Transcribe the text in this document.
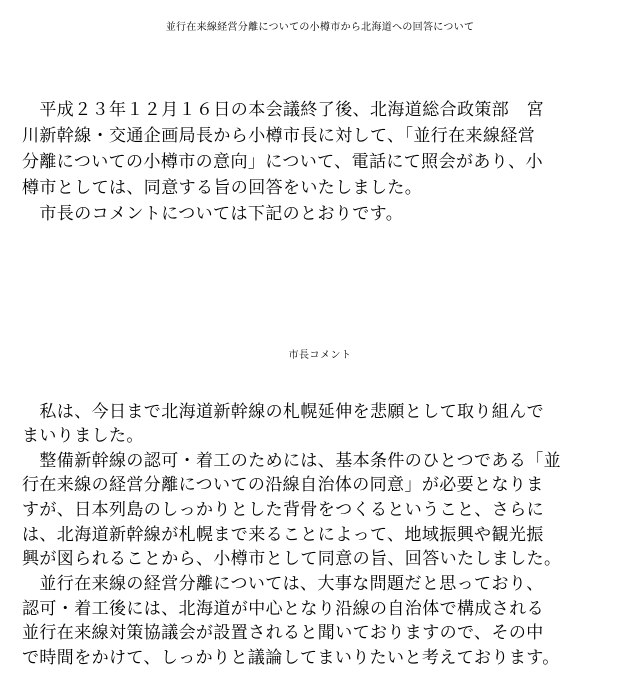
並行在来線経営分離についての小樽市から北海道への回答について
　平成２３年１２月１６日の本会議終了後、北海道総合政策部　宮
川新幹線・交通企画局長から小樽市長に対して、「並行在来線経営
分離についての小樽市の意向」について、電話にて照会があり、小
樽市としては、同意する旨の回答をいたしました。
　市長のコメントについては下記のとおりです。
市長コメント
　私は、今日まで北海道新幹線の札幌延伸を悲願として取り組んで
まいりました。
　整備新幹線の認可・着工のためには、基本条件のひとつである「並
行在来線の経営分離についての沿線自治体の同意」が必要となりま
すが、日本列島のしっかりとした背骨をつくるということ、さらに
は、北海道新幹線が札幌まで来ることによって、地域振興や観光振
興が図られることから、小樽市として同意の旨、回答いたしました。
　並行在来線の経営分離については、大事な問題だと思っており、
認可・着工後には、北海道が中心となり沿線の自治体で構成される
並行在来線対策協議会が設置されると聞いておりますので、その中
で時間をかけて、しっかりと議論してまいりたいと考えております。
